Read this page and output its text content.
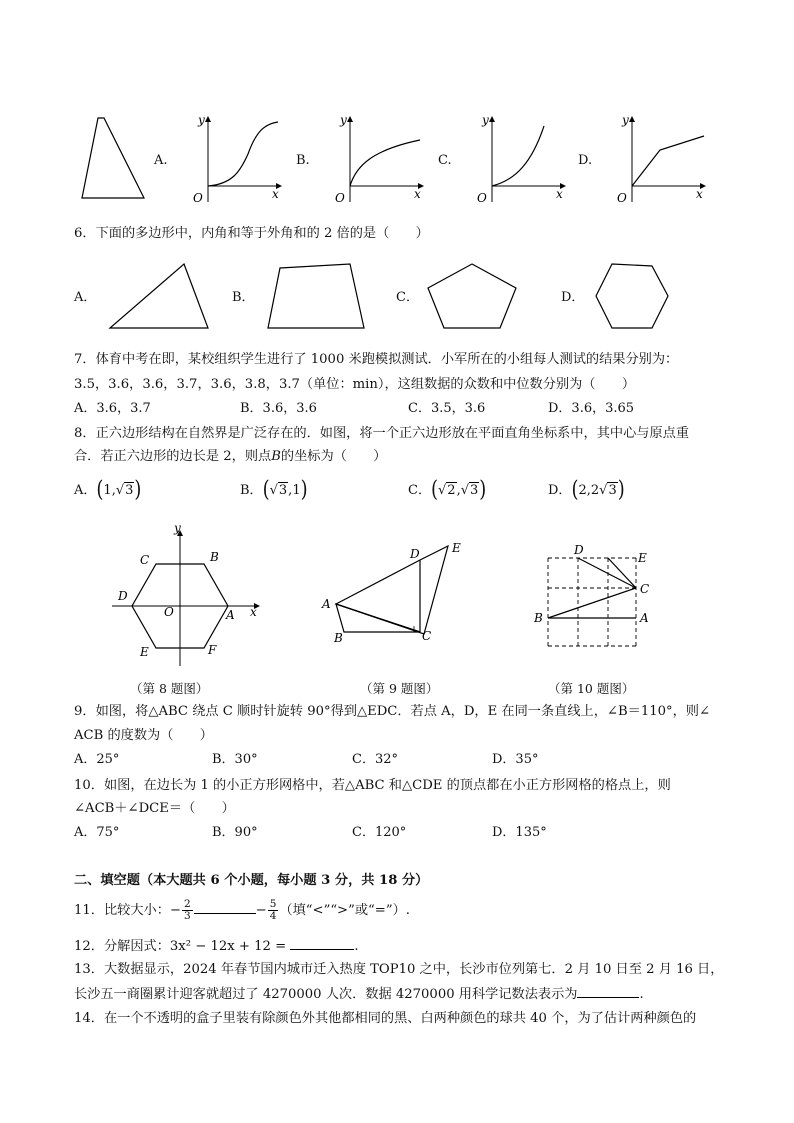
A.
y
x
O
B.
y
x
O
C.
y
x
O
D.
y
x
O
6．下面的多边形中，内角和等于外角和的 2 倍的是（　　）
A．	B．	C．	D．
7．体育中考在即，某校组织学生进行了 1000 米跑模拟测试．小军所在的小组每人测试的结果分别为：
3.5，3.6，3.6，3.7，3.6，3.8，3.7（单位：min），这组数据的众数和中位数分别为（　　）
A．3.6，3.7	B．3.6，3.6	C．3.5，3.6	D．3.6，3.65
8．正六边形结构在自然界是广泛存在的．如图，将一个正六边形放在平面直角坐标系中，其中心与原点重
合．若正六边形的边长是 2，则点B的坐标为（　　）
A．(1,√3)	B．(√3,1)	C．(√2,√3)	D．(2,2√3)
y
x
O	A
B
C
D
E	F
（第 8 题图）
A
B	C
D	E
（第 9 题图）
A
B
C
D
E
（第 10 题图）
9．如图，将△ABC 绕点 C 顺时针旋转 90°得到△EDC．若点 A，D，E 在同一条直线上，∠B＝110°，则∠
ACB 的度数为（　　）
A．25°	B．30°	C．32°	D．35°
10．如图，在边长为 1 的小正方形网格中，若△ABC 和△CDE 的顶点都在小正方形网格的格点上，则
∠ACB＋∠DCE＝（　　）
A．75°	B．90°	C．120°	D．135°
二、填空题（本大题共 6 个小题，每小题 3 分，共 18 分）
11．比较大小：− $\frac{2}{3}$	− $\frac{5}{4}$ （填“<”“>”或“=”）.
12．分解因式：3x² − 12x + 12 =	.
13．大数据显示，2024 年春节国内城市迁入热度 TOP10 之中，长沙市位列第七．2 月 10 日至 2 月 16 日，
长沙五一商圈累计迎客就超过了 4270000 人次．数据 4270000 用科学记数法表示为	.
14．在一个不透明的盒子里装有除颜色外其他都相同的黑、白两种颜色的球共 40 个，为了估计两种颜色的
